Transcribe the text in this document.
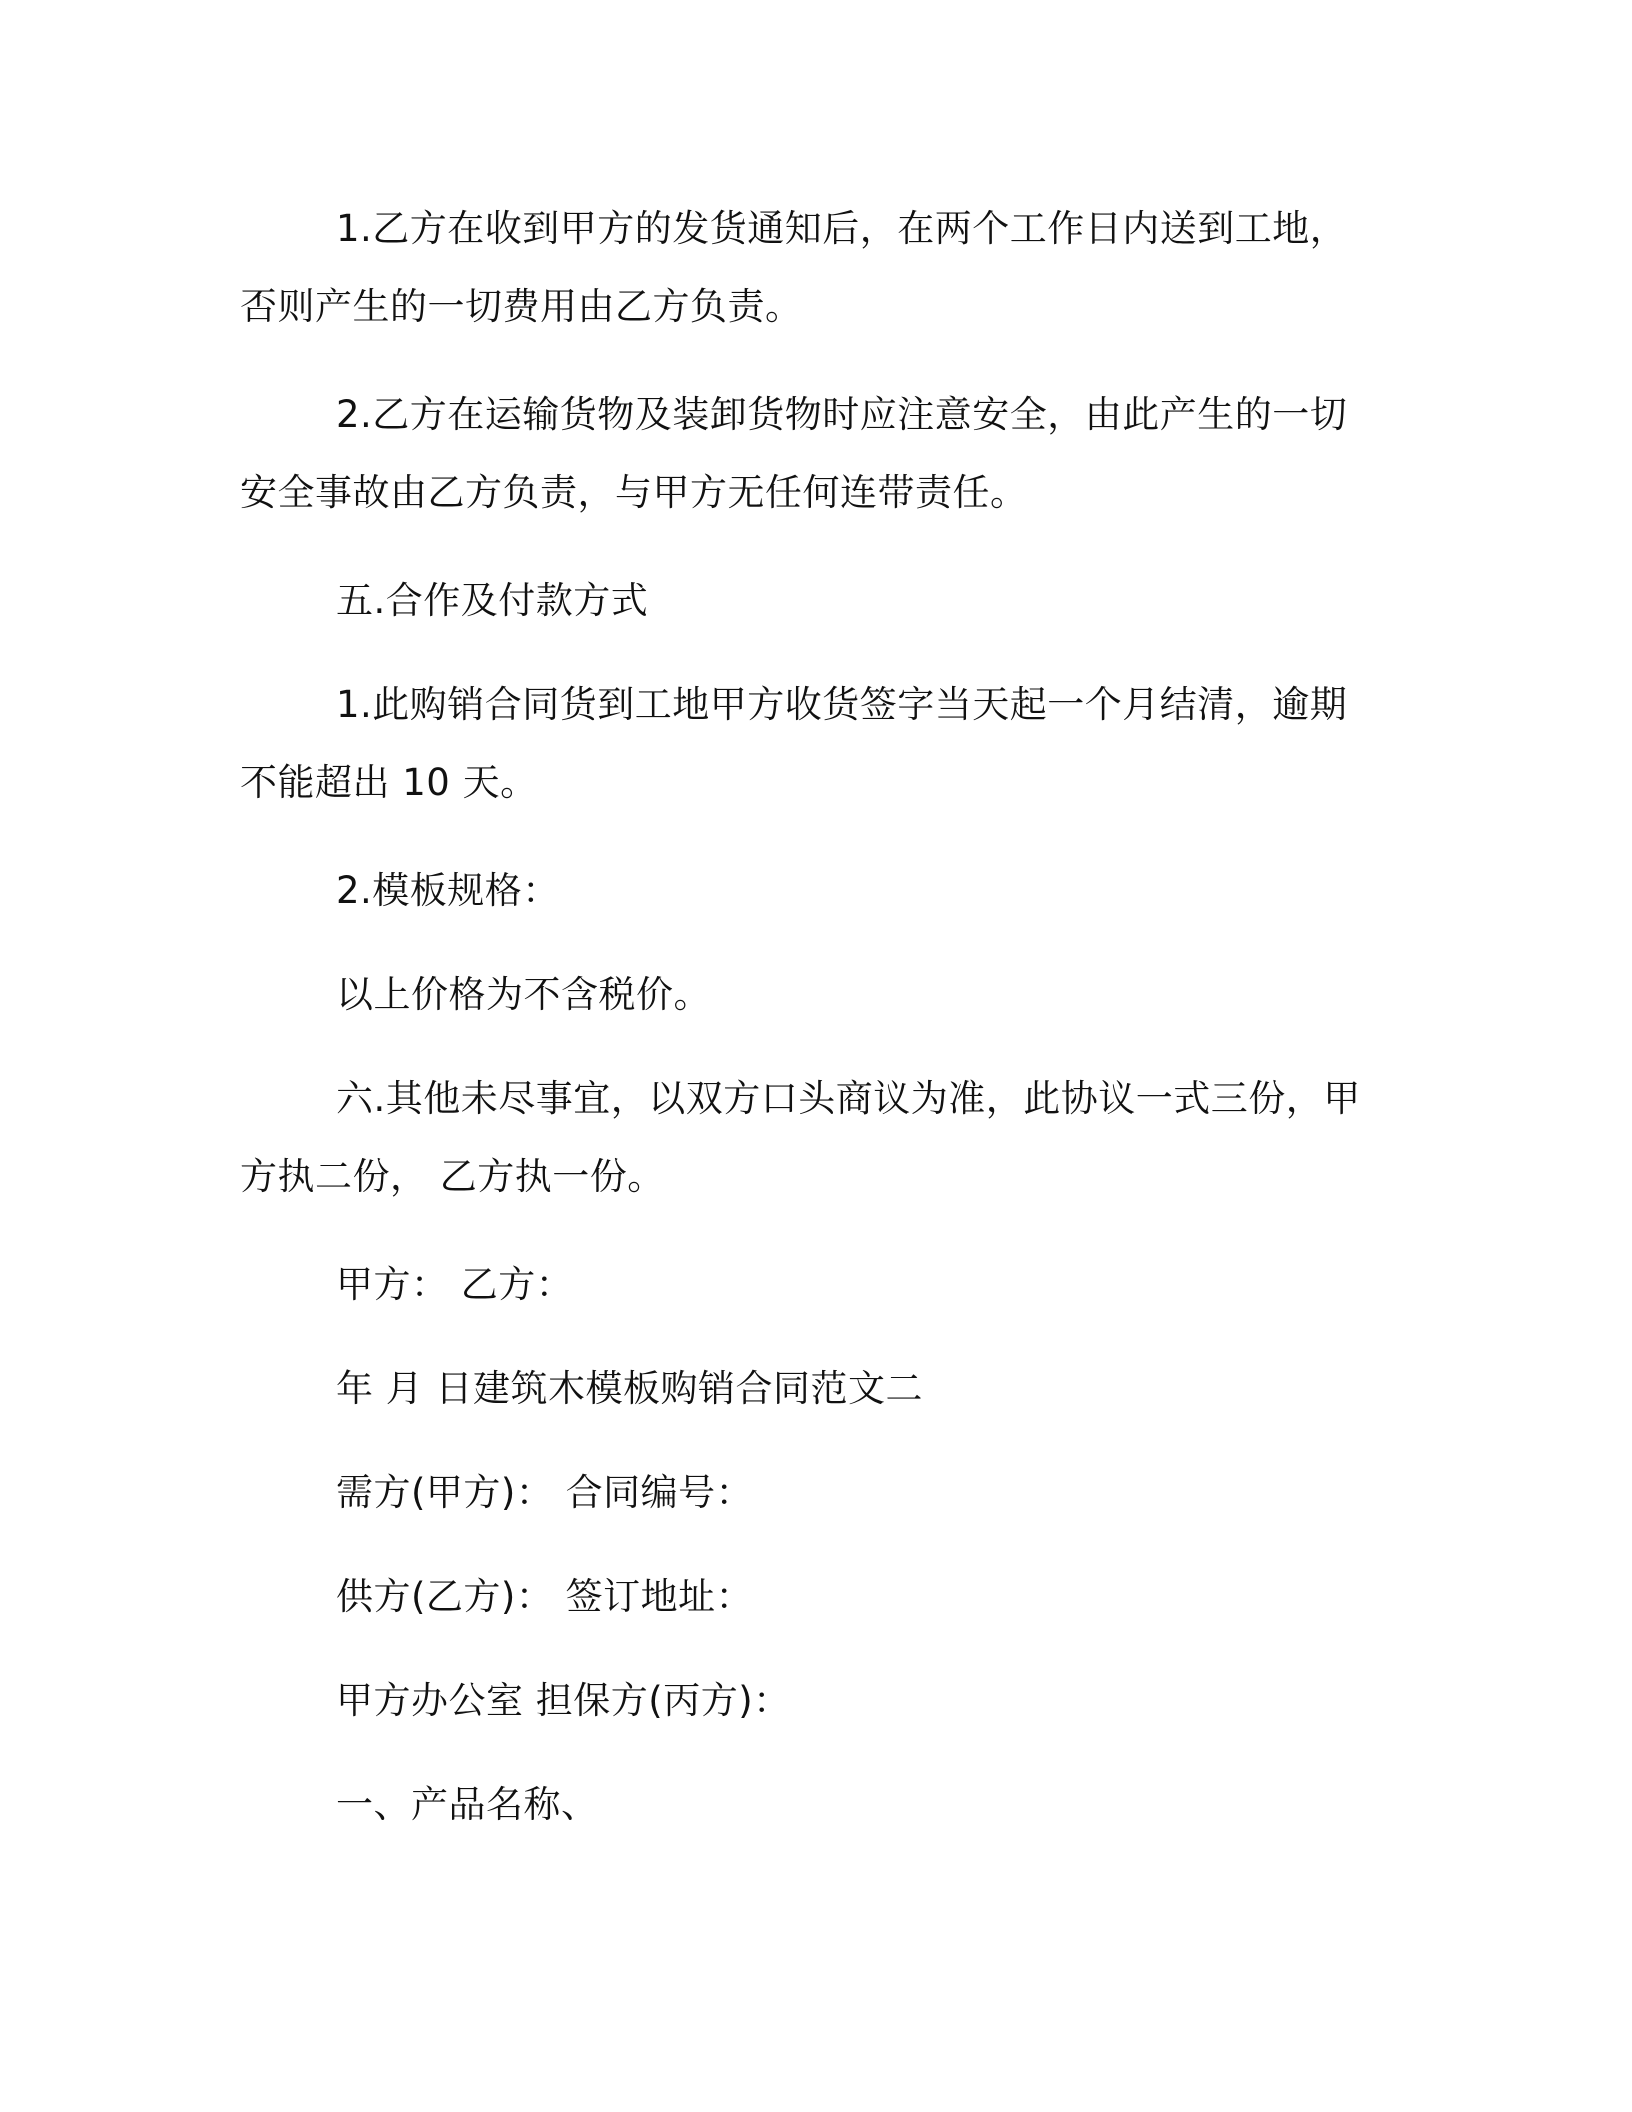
1.乙方在收到甲方的发货通知后，在两个工作日内送到工地，否则产生的一切费用由乙方负责。

2.乙方在运输货物及装卸货物时应注意安全，由此产生的一切安全事故由乙方负责，与甲方无任何连带责任。

五.合作及付款方式

1.此购销合同货到工地甲方收货签字当天起一个月结清，逾期不能超出 10 天。

2.模板规格：

以上价格为不含税价。

六.其他未尽事宜，以双方口头商议为准，此协议一式三份，甲方执二份， 乙方执一份。

甲方： 乙方：

年 月 日建筑木模板购销合同范文二

需方(甲方)： 合同编号：

供方(乙方)： 签订地址：

甲方办公室 担保方(丙方)：

一、产品名称、
